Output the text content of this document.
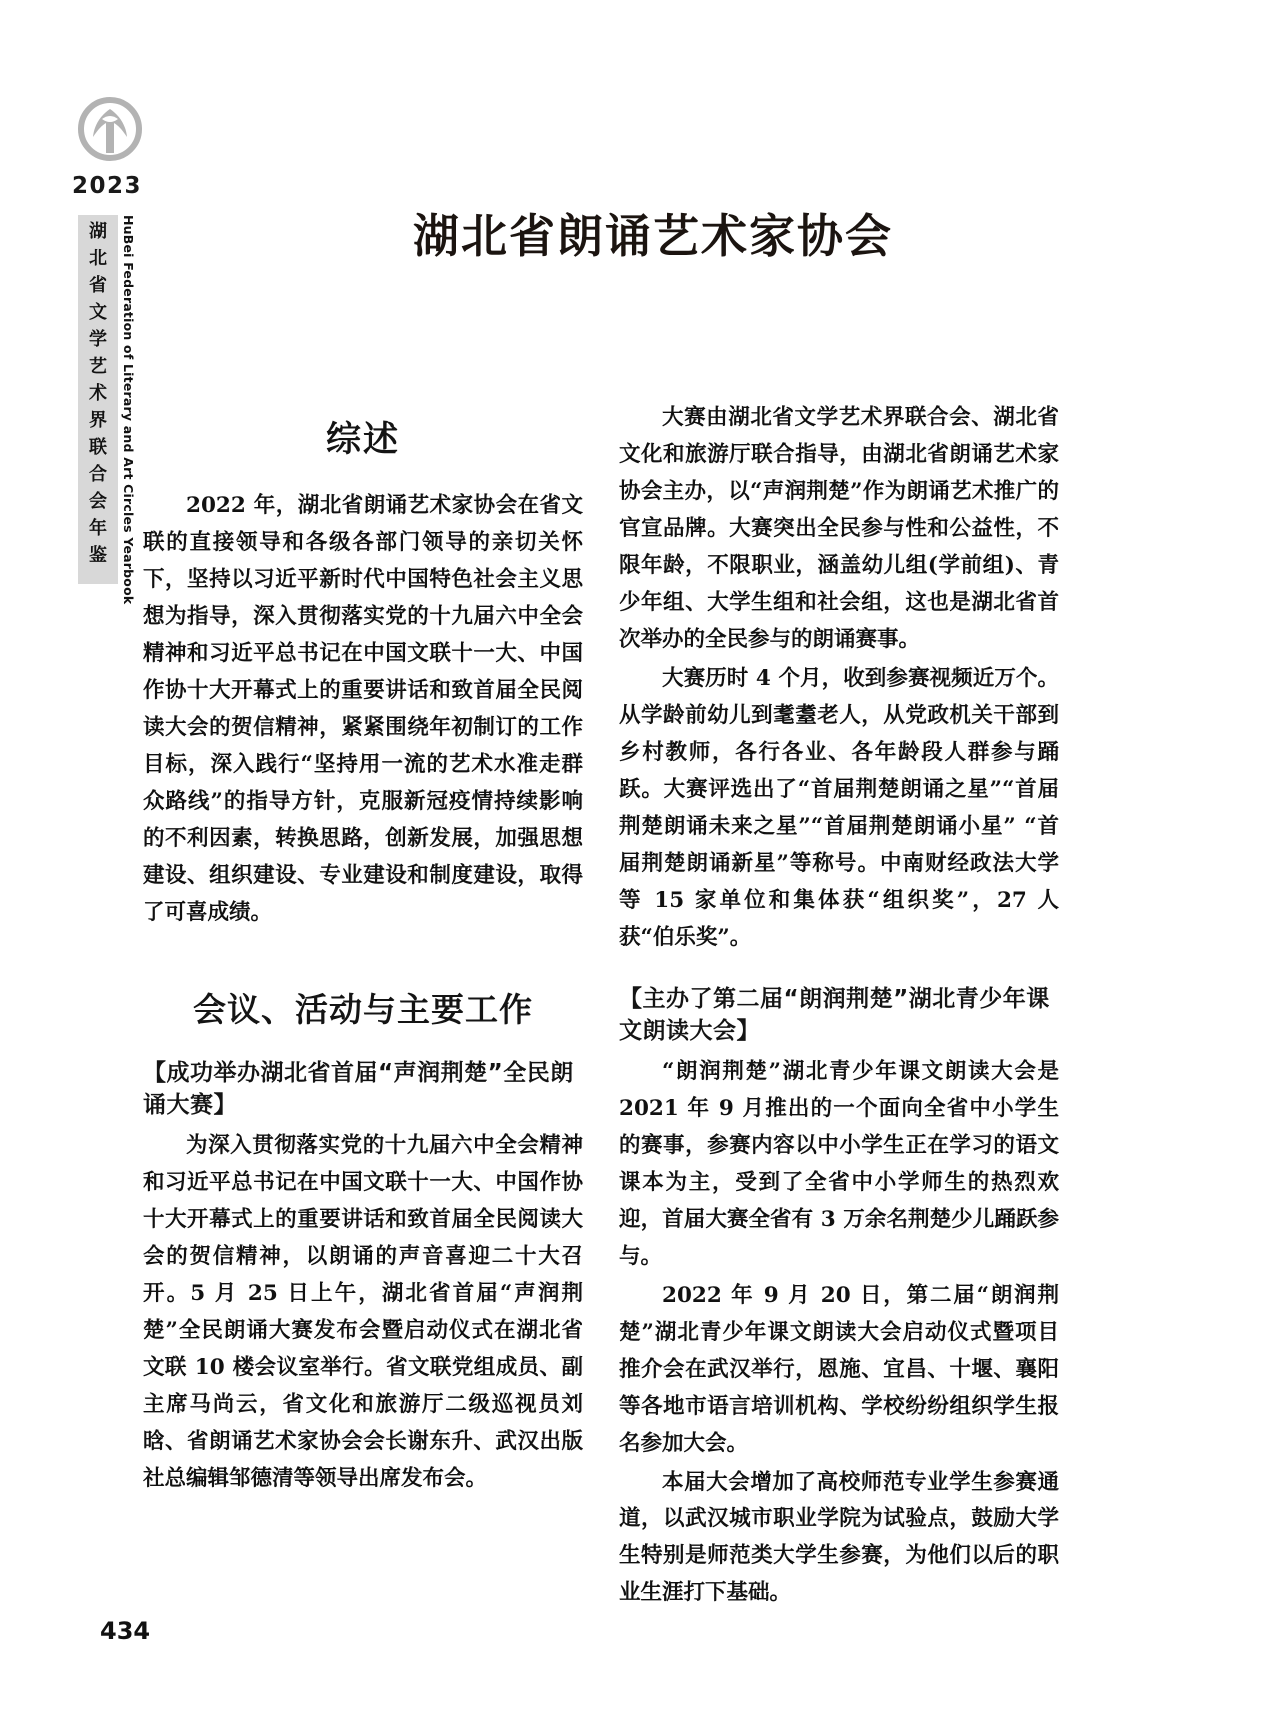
2023
湖
北
省
文
学
艺
术
界
联
合
会
年
鉴 HuBei Federation of Literary and Art Circles Yearbook	湖北省朗诵艺术家协会
综述

2022 年，湖北省朗诵艺术家协会在省文联的直接领导和各级各部门领导的亲切关怀下，坚持以习近平新时代中国特色社会主义思想为指导，深入贯彻落实党的十九届六中全会精神和习近平总书记在中国文联十一大、中国作协十大开幕式上的重要讲话和致首届全民阅读大会的贺信精神，紧紧围绕年初制订的工作目标，深入践行“坚持用一流的艺术水准走群众路线”的指导方针，克服新冠疫情持续影响的不利因素，转换思路，创新发展，加强思想建设、组织建设、专业建设和制度建设，取得了可喜成绩。

会议、活动与主要工作
【成功举办湖北省首届“声润荆楚”全民朗诵大赛】

为深入贯彻落实党的十九届六中全会精神和习近平总书记在中国文联十一大、中国作协十大开幕式上的重要讲话和致首届全民阅读大会的贺信精神，以朗诵的声音喜迎二十大召开。5 月 25 日上午，湖北省首届“声润荆楚”全民朗诵大赛发布会暨启动仪式在湖北省文联 10 楼会议室举行。省文联党组成员、副主席马尚云，省文化和旅游厅二级巡视员刘晗、省朗诵艺术家协会会长谢东升、武汉出版社总编辑邹德清等领导出席发布会。

大赛由湖北省文学艺术界联合会、湖北省文化和旅游厅联合指导，由湖北省朗诵艺术家协会主办，以“声润荆楚”作为朗诵艺术推广的官宣品牌。大赛突出全民参与性和公益性，不限年龄，不限职业，涵盖幼儿组(学前组)、青少年组、大学生组和社会组，这也是湖北省首次举办的全民参与的朗诵赛事。

大赛历时 4 个月，收到参赛视频近万个。从学龄前幼儿到耄耋老人，从党政机关干部到乡村教师，各行各业、各年龄段人群参与踊跃。大赛评选出了“首届荆楚朗诵之星”“首届荆楚朗诵未来之星”“首届荆楚朗诵小星” “首届荆楚朗诵新星”等称号。中南财经政法大学等 15 家单位和集体获“组织奖”，27 人获“伯乐奖”。

【主办了第二届“朗润荆楚”湖北青少年课文朗读大会】

“朗润荆楚”湖北青少年课文朗读大会是 2021 年 9 月推出的一个面向全省中小学生的赛事，参赛内容以中小学生正在学习的语文课本为主，受到了全省中小学师生的热烈欢迎，首届大赛全省有 3 万余名荆楚少儿踊跃参与。

2022 年 9 月 20 日，第二届“朗润荆楚”湖北青少年课文朗读大会启动仪式暨项目推介会在武汉举行，恩施、宜昌、十堰、襄阳等各地市语言培训机构、学校纷纷组织学生报名参加大会。

本届大会增加了高校师范专业学生参赛通道，以武汉城市职业学院为试验点，鼓励大学生特别是师范类大学生参赛，为他们以后的职业生涯打下基础。

434
